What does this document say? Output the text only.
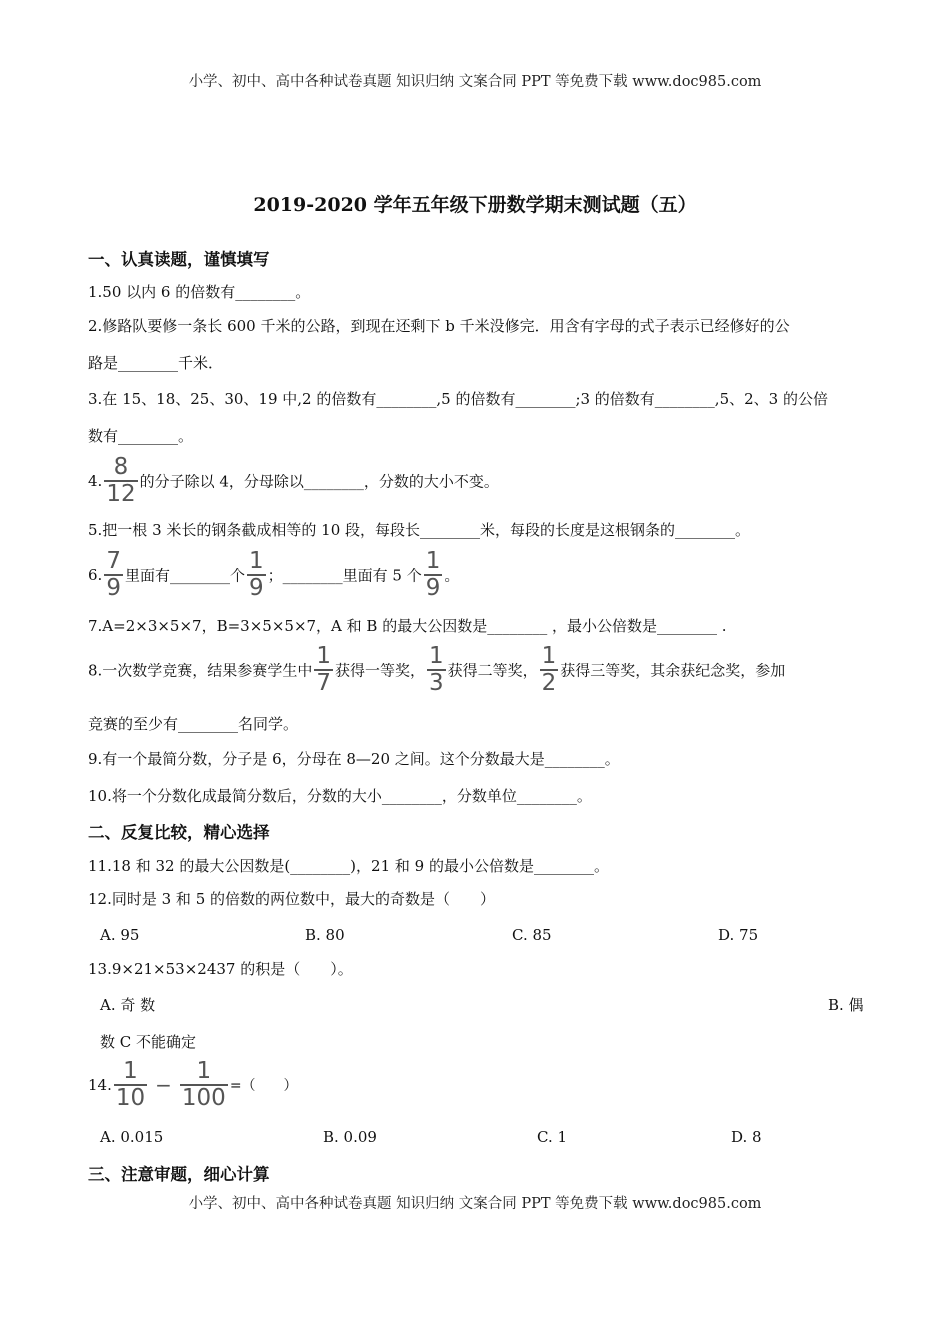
小学、初中、高中各种试卷真题 知识归纳 文案合同 PPT 等免费下载 www.doc985.com
2019-2020 学年五年级下册数学期末测试题（五）
一、认真读题，谨慎填写
1.50 以内 6 的倍数有________。
2.修路队要修一条长 600 千米的公路，到现在还剩下 b 千米没修完．用含有字母的式子表示已经修好的公
路是________千米．
3.在 15、18、25、30、19 中,2 的倍数有________,5 的倍数有________;3 的倍数有________,5、2、3 的公倍
数有________。
4. $\frac{8}{12}$ 的分子除以 4，分母除以________，分数的大小不变。
5.把一根 3 米长的钢条截成相等的 10 段，每段长________米，每段的长度是这根钢条的________。
6. $\frac{7}{9}$ 里面有________个 $\frac{1}{9}$ ；________里面有 5 个 $\frac{1}{9}$ 。
7.A=2×3×5×7，B=3×5×5×7，A 和 B 的最大公因数是________ ，最小公倍数是________ .
8.一次数学竞赛，结果参赛学生中 $\frac{1}{7}$ 获得一等奖， $\frac{1}{3}$ 获得二等奖， $\frac{1}{2}$ 获得三等奖，其余获纪念奖，参加
竞赛的至少有________名同学。
9.有一个最简分数，分子是 6，分母在 8—20 之间。这个分数最大是________。
10.将一个分数化成最简分数后，分数的大小________，分数单位________。
二、反复比较，精心选择
11.18 和 32 的最大公因数是(________)，21 和 9 的最小公倍数是________。
12.同时是 3 和 5 的倍数的两位数中，最大的奇数是（　　）
A. 95	B. 80	C. 85	D. 75
13.9×21×53×2437 的积是（　　）。
A. 奇 数	B. 偶
数 C 不能确定
14. $\frac{1}{10} - \frac{1}{100}$ =（　　）
A. 0.015	B. 0.09	C. 1	D. 8
三、注意审题，细心计算
小学、初中、高中各种试卷真题 知识归纳 文案合同 PPT 等免费下载 www.doc985.com
